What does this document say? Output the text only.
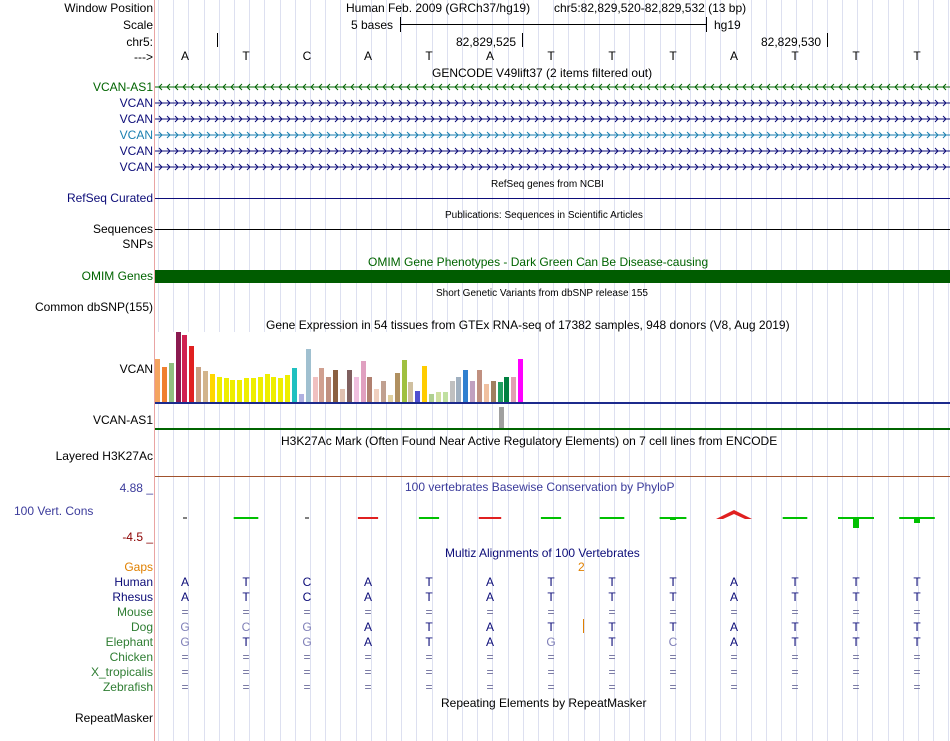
Window Position	Human Feb. 2009 (GRCh37/hg19) chr5:82,829,520-82,829,532 (13 bp)
Scale	5 bases	hg19
chr5:	82,829,525	82,829,530
--->	A	T	C	A	T	A	T	T	T	A	T	T	T
GENCODE V49lift37 (2 items filtered out)
VCAN-AS1
VCAN
VCAN
VCAN
VCAN
VCAN
RefSeq genes from NCBI
RefSeq Curated
Publications: Sequences in Scientific Articles
Sequences
SNPs
OMIM Gene Phenotypes - Dark Green Can Be Disease-causing
OMIM Genes
Short Genetic Variants from dbSNP release 155
Common dbSNP(155)
Gene Expression in 54 tissues from GTEx RNA-seq of 17382 samples, 948 donors (V8, Aug 2019)
VCAN
VCAN-AS1
H3K27Ac Mark (Often Found Near Active Regulatory Elements) on 7 cell lines from ENCODE
Layered H3K27Ac
100 vertebrates Basewise Conservation by PhyloP
4.88 _
100 Vert. Cons
-4.5 _
Multiz Alignments of 100 Vertebrates
Gaps	2
Human	A	T	C	A	T	A	T	T	T	A	T	T	T
Rhesus	A	T	C	A	T	A	T	T	T	A	T	T	T
Mouse	=	=	=	=	=	=	=	=	=	=	=	=	=
Dog	G	C	G	A	T	A	T	T	T	A	T	T	T
Elephant	G	T	G	A	T	A	G	T	C	A	T	T	T
Chicken	=	=	=	=	=	=	=	=	=	=	=	=	=
X_tropicalis	=	=	=	=	=	=	=	=	=	=	=	=	=
Zebrafish	=	=	=	=	=	=	=	=	=	=	=	=	=
Repeating Elements by RepeatMasker
RepeatMasker
